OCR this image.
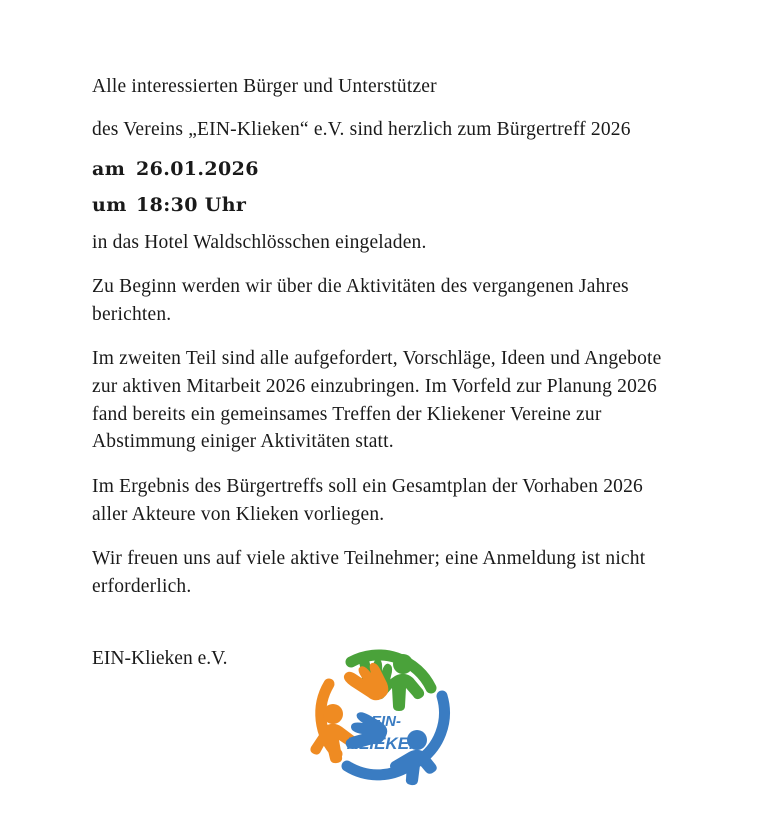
Alle interessierten Bürger und Unterstützer

des Vereins „EIN-Klieken“ e.V. sind herzlich zum Bürgertreff 2026

am 26.01.2026

um 18:30 Uhr

in das Hotel Waldschlösschen eingeladen.

Zu Beginn werden wir über die Aktivitäten des vergangenen Jahres berichten.

Im zweiten Teil sind alle aufgefordert, Vorschläge, Ideen und Angebote zur aktiven Mitarbeit 2026 einzubringen. Im Vorfeld zur Planung 2026 fand bereits ein gemeinsames Treffen der Kliekener Vereine zur Abstimmung einiger Aktivitäten statt.

Im Ergebnis des Bürgertreffs soll ein Gesamtplan der Vorhaben 2026 aller Akteure von Klieken vorliegen.

Wir freuen uns auf viele aktive Teilnehmer; eine Anmeldung ist nicht erforderlich.

EIN-Klieken e.V.

EIN-
KLIEKEN
